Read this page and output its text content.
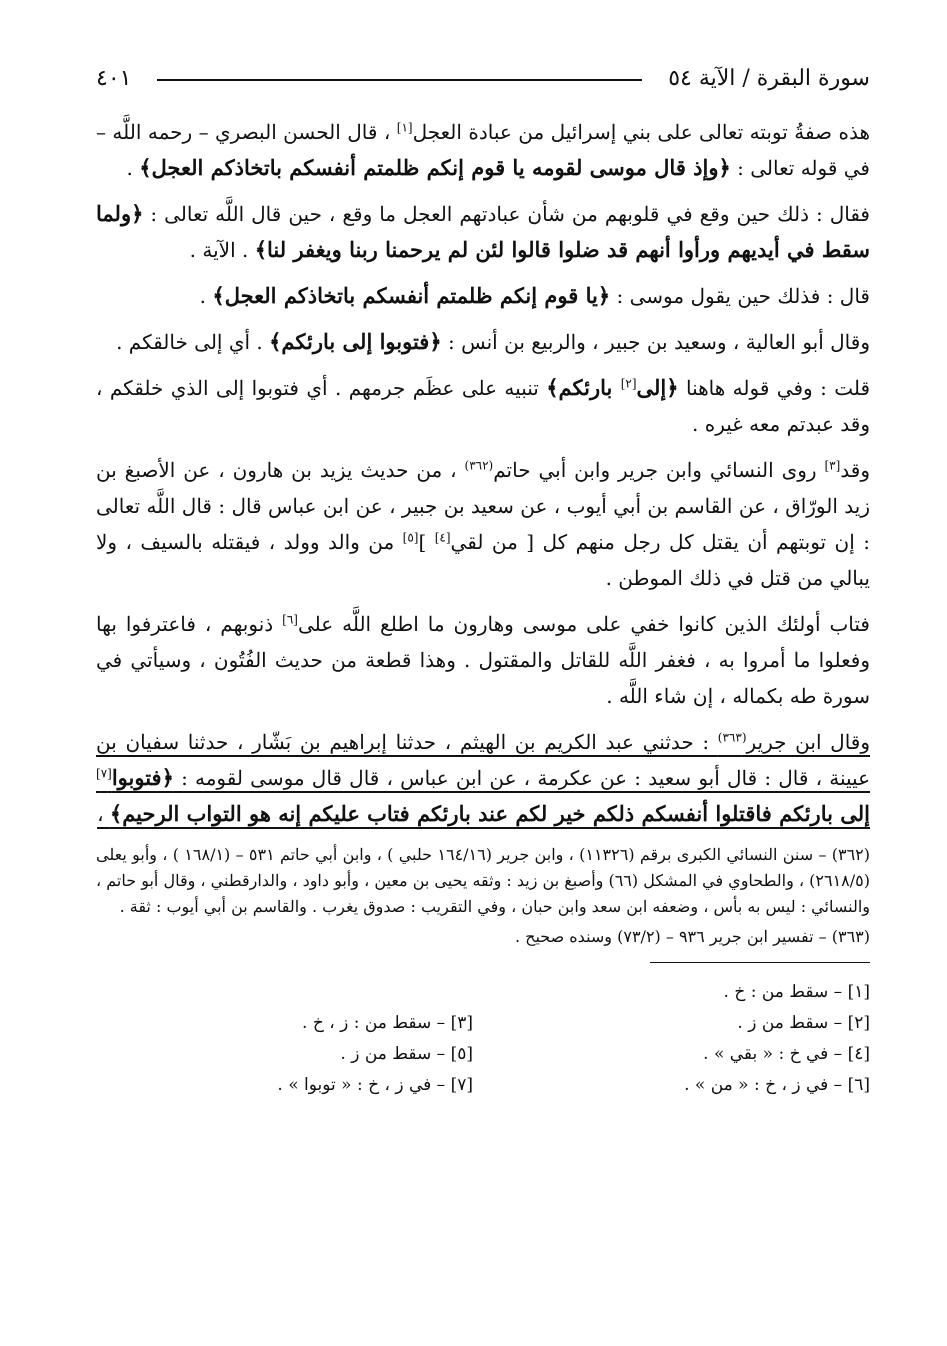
سورة البقرة / الآية ٥٤
٤٠١

هذه صفةُ توبته تعالى على بني إسرائيل من عبادة العجل[١] ، قال الحسن البصري – رحمه اللَّه – في قوله تعالى : ﴿وإذ قال موسى لقومه يا قوم إنكم ظلمتم أنفسكم باتخاذكم العجل﴾ .

فقال : ذلك حين وقع في قلوبهم من شأن عبادتهم العجل ما وقع ، حين قال اللَّه تعالى : ﴿ولما سقط في أيديهم ورأوا أنهم قد ضلوا قالوا لئن لم يرحمنا ربنا ويغفر لنا﴾ . الآية .

قال : فذلك حين يقول موسى : ﴿يا قوم إنكم ظلمتم أنفسكم باتخاذكم العجل﴾ .

وقال أبو العالية ، وسعيد بن جبير ، والربيع بن أنس : ﴿فتوبوا إلى بارئكم﴾ . أي إلى خالقكم .

قلت : وفي قوله هاهنا ﴿إلى[٢] بارئكم﴾ تنبيه على عظَم جرمهم . أي فتوبوا إلى الذي خلقكم ، وقد عبدتم معه غيره .

وقد[٣] روى النسائي وابن جرير وابن أبي حاتم$^{(٣٦٢)}$ ، من حديث يزيد بن هارون ، عن الأصبغ بن زيد الورّاق ، عن القاسم بن أبي أيوب ، عن سعيد بن جبير ، عن ابن عباس قال : قال اللَّه تعالى : إن توبتهم أن يقتل كل رجل منهم كل [ من لقي[٤] ][٥] من والد وولد ، فيقتله بالسيف ، ولا يبالي من قتل في ذلك الموطن .

فتاب أولئك الذين كانوا خفي على موسى وهارون ما اطلع اللَّه على[٦] ذنوبهم ، فاعترفوا بها وفعلوا ما أمروا به ، فغفر اللَّه للقاتل والمقتول . وهذا قطعة من حديث الفُتُون ، وسيأتي في سورة طه بكماله ، إن شاء اللَّه .

وقال ابن جرير$^{(٣٦٣)}$ : حدثني عبد الكريم بن الهيثم ، حدثنا إبراهيم بن بَشّار ، حدثنا سفيان بن عيينة ، قال : قال أبو سعيد : عن عكرمة ، عن ابن عباس ، قال قال موسى لقومه : ﴿فتوبوا[٧] إلى بارئكم فاقتلوا أنفسكم ذلكم خير لكم عند بارئكم فتاب عليكم إنه هو التواب الرحيم﴾ ،

(٣٦٢) – سنن النسائي الكبرى برقم (١١٣٢٦) ، وابن جرير (١٦٤/١٦ حلبي ) ، وابن أبي حاتم ٥٣١ – (١٦٨/١ ) ، وأبو يعلى (٢٦١٨/٥) ، والطحاوي في المشكل (٦٦) وأصبغ بن زيد : وثقه يحيى بن معين ، وأبو داود ، والدارقطني ، وقال أبو حاتم ، والنسائي : ليس به بأس ، وضعفه ابن سعد وابن حبان ، وفي التقريب : صدوق يغرب . والقاسم بن أبي أيوب : ثقة .

(٣٦٣) – تفسير ابن جرير ٩٣٦ – (٧٣/٢) وسنده صحيح .

[١] – سقط من : خ .
[٢] – سقط من ز .
[٤] – في خ : « بقي » .
[٦] – في ز ، خ : « من » .
[٣] – سقط من : ز ، خ .
[٥] – سقط من ز .
[٧] – في ز ، خ : « توبوا » .
